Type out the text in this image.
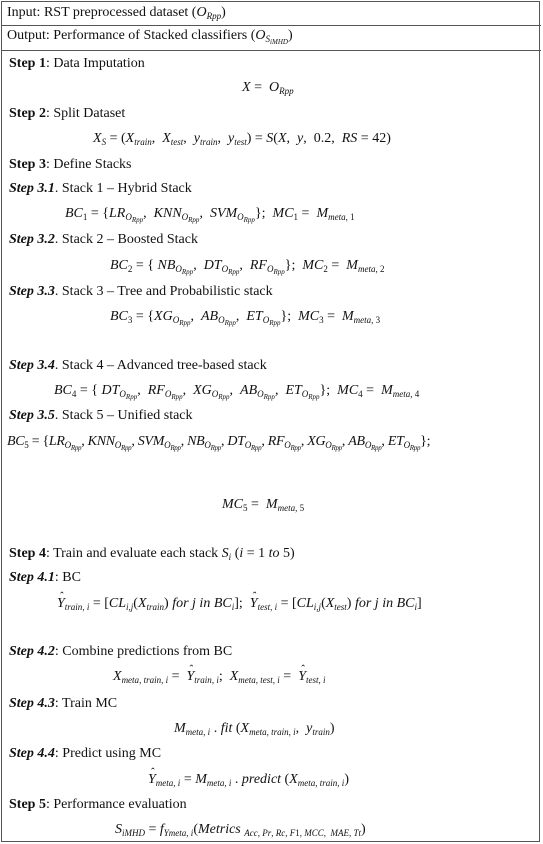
Input: RST preprocessed dataset $(O_{Rpp})$
Output: Performance of Stacked classifiers $(O_{S_{iMHD}})$
Step 1: Data Imputation
$X = O_{Rpp}$
Step 2: Split Dataset
$X_S = (X_{train}$,  $X_{test}$,  $y_{train}$,  $y_{test}) = S(X$,  y,  0.2,  RS = 42)
Step 3: Define Stacks
Step 3.1. Stack 1 – Hybrid Stack
$BC_1 = \{LR_{O_{Rpp}}$,  $KNN_{O_{Rpp}}$,  $SVM_{O_{Rpp}}$};  $MC_1 = M_{meta, 1}$
Step 3.2. Stack 2 – Boosted Stack
$BC_2$ = { $NB_{O_{Rpp}}$,  $DT_{O_{Rpp}}$,  $RF_{O_{Rpp}}$};  $MC_2 = M_{meta, 2}$
Step 3.3. Stack 3 – Tree and Probabilistic stack
$BC_3 = \{XG_{O_{Rpp}}$,  $AB_{O_{Rpp}}$,  $ET_{O_{Rpp}}$};  $MC_3 = M_{meta, 3}$
Step 3.4. Stack 4 – Advanced tree-based stack
$BC_4$ = { $DT_{O_{Rpp}}$,  $RF_{O_{Rpp}}$,  $XG_{O_{Rpp}}$,  $AB_{O_{Rpp}}$,  $ET_{O_{Rpp}}$};  $MC_4 = M_{meta, 4}$
Step 3.5. Stack 5 – Unified stack
$BC_5 = \{LR_{O_{Rpp}}$, $KNN_{O_{Rpp}}$, $SVM_{O_{Rpp}}$, $NB_{O_{Rpp}}$, $DT_{O_{Rpp}}$, $RF_{O_{Rpp}}$, $XG_{O_{Rpp}}$, $AB_{O_{Rpp}}$, $ET_{O_{Rpp}}$};
$MC_5 = M_{meta, 5}$
Step 4: Train and evaluate each stack $S_i$ (i = 1 to 5)
Step 4.1: BC
ˆ $Y_{train, i} = [CL_{i,j}(X_{train})$ for j in $BC_i$];  ˆ $Y_{test, i} = [CL_{i,j}(X_{test})$ for j in $BC_i$]
Step 4.2: Combine predictions from BC
$X_{meta, train, i}$ =  ˆ $Y_{train, i}$;  $X_{meta, test, i}$ =  ˆ $Y_{test, i}$
Step 4.3: Train MC
$M_{meta, i}$ . fit ($X_{meta, train, i}$,  $y_{train}$)
Step 4.4: Predict using MC
ˆ $Y_{meta, i} = M_{meta, i}$ . predict $(X_{meta, train, i})$
Step 5: Performance evaluation
$S_{iMHD}$ = $f_{Ymeta, i}(Metrics$ $_{Acc, Pr, Rc, F1, MCC, MAE, Tt}$)
